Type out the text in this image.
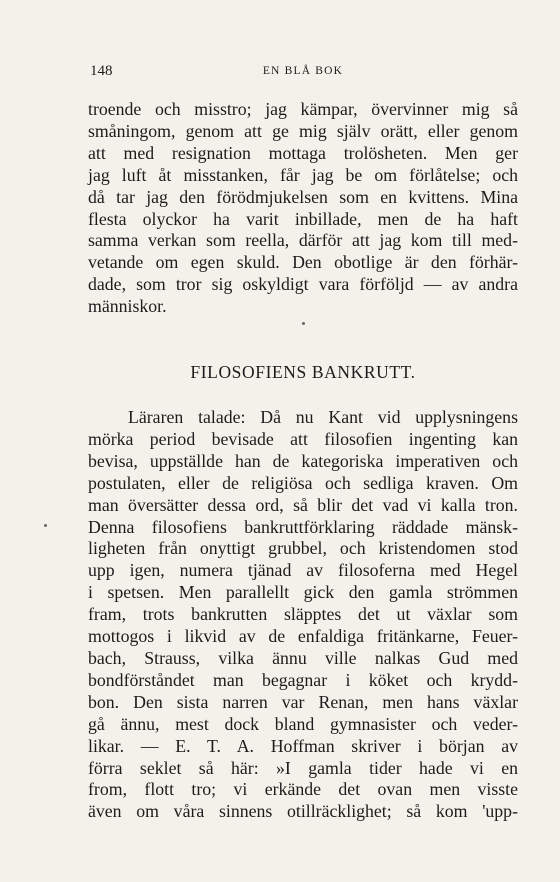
148	EN BLÅ BOK
troende och misstro; jag kämpar, övervinner mig så
småningom, genom att ge mig själv orätt, eller genom
att med resignation mottaga trolösheten. Men ger
jag luft åt misstanken, får jag be om förlåtelse; och
då tar jag den förödmjukelsen som en kvittens. Mina
flesta olyckor ha varit inbillade, men de ha haft
samma verkan som reella, därför att jag kom till med-
vetande om egen skuld. Den obotlige är den förhär-
dade, som tror sig oskyldigt vara förföljd — av andra
människor.
FILOSOFIENS BANKRUTT.
Läraren talade: Då nu Kant vid upplysningens
mörka period bevisade att filosofien ingenting kan
bevisa, uppställde han de kategoriska imperativen och
postulaten, eller de religiösa och sedliga kraven. Om
man översätter dessa ord, så blir det vad vi kalla tron.
Denna filosofiens bankruttförklaring räddade mänsk-
ligheten från onyttigt grubbel, och kristendomen stod
upp igen, numera tjänad av filosoferna med Hegel
i spetsen. Men parallellt gick den gamla strömmen
fram, trots bankrutten släpptes det ut växlar som
mottogos i likvid av de enfaldiga fritänkarne, Feuer-
bach, Strauss, vilka ännu ville nalkas Gud med
bondförståndet man begagnar i köket och krydd-
bon. Den sista narren var Renan, men hans växlar
gå ännu, mest dock bland gymnasister och veder-
likar. — E. T. A. Hoffman skriver i början av
förra seklet så här: »I gamla tider hade vi en
from, flott tro; vi erkände det ovan men visste
även om våra sinnens otillräcklighet; så kom 'upp-
